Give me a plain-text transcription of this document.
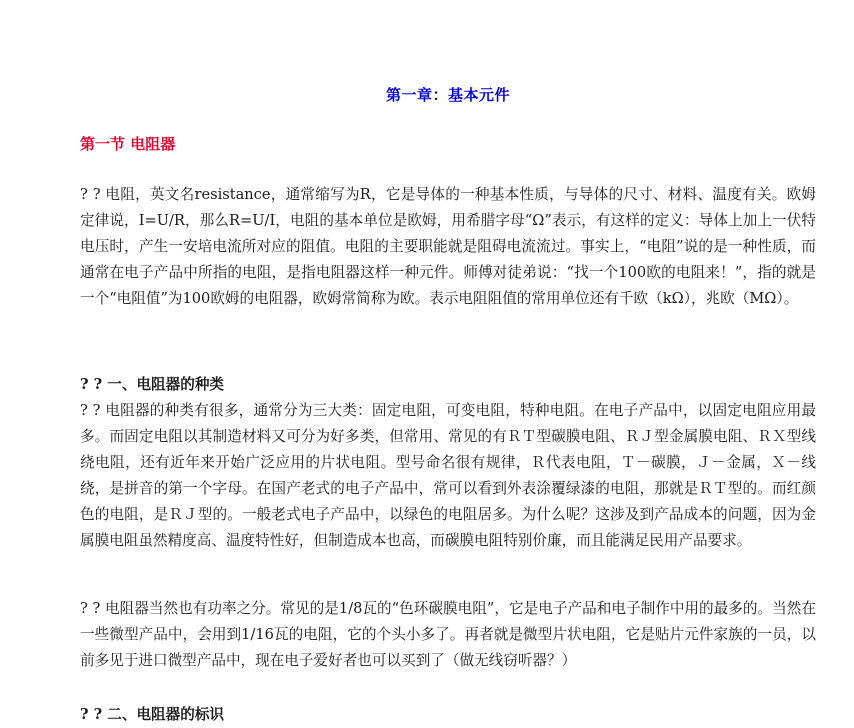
第一章：基本元件
第一节 电阻器

? ? 电阻，英文名resistance，通常缩写为R，它是导体的一种基本性质，与导体的尺寸、材料、温度有关。欧姆定律说，I=U/R，那么R=U/I，电阻的基本单位是欧姆，用希腊字母“Ω”表示，有这样的定义：导体上加上一伏特电压时，产生一安培电流所对应的阻值。电阻的主要职能就是阻碍电流流过。事实上，“电阻”说的是一种性质，而通常在电子产品中所指的电阻，是指电阻器这样一种元件。师傅对徒弟说：“找一个100欧的电阻来！”，指的就是一个“电阻值”为100欧姆的电阻器，欧姆常简称为欧。表示电阻阻值的常用单位还有千欧（kΩ），兆欧（MΩ）。

? ? 一、电阻器的种类

? ? 电阻器的种类有很多，通常分为三大类：固定电阻，可变电阻，特种电阻。在电子产品中，以固定电阻应用最多。而固定电阻以其制造材料又可分为好多类，但常用、常见的有ＲＴ型碳膜电阻、ＲＪ型金属膜电阻、ＲＸ型线绕电阻，还有近年来开始广泛应用的片状电阻。型号命名很有规律，Ｒ代表电阻，Ｔ－碳膜，Ｊ－金属，Ｘ－线绕，是拼音的第一个字母。在国产老式的电子产品中，常可以看到外表涂覆绿漆的电阻，那就是ＲＴ型的。而红颜色的电阻，是ＲＪ型的。一般老式电子产品中，以绿色的电阻居多。为什么呢？这涉及到产品成本的问题，因为金属膜电阻虽然精度高、温度特性好，但制造成本也高，而碳膜电阻特别价廉，而且能满足民用产品要求。

? ? 电阻器当然也有功率之分。常见的是1/8瓦的“色环碳膜电阻”，它是电子产品和电子制作中用的最多的。当然在一些微型产品中，会用到1/16瓦的电阻，它的个头小多了。再者就是微型片状电阻，它是贴片元件家族的一员，以前多见于进口微型产品中，现在电子爱好者也可以买到了（做无线窃听器？）

? ? 二、电阻器的标识
